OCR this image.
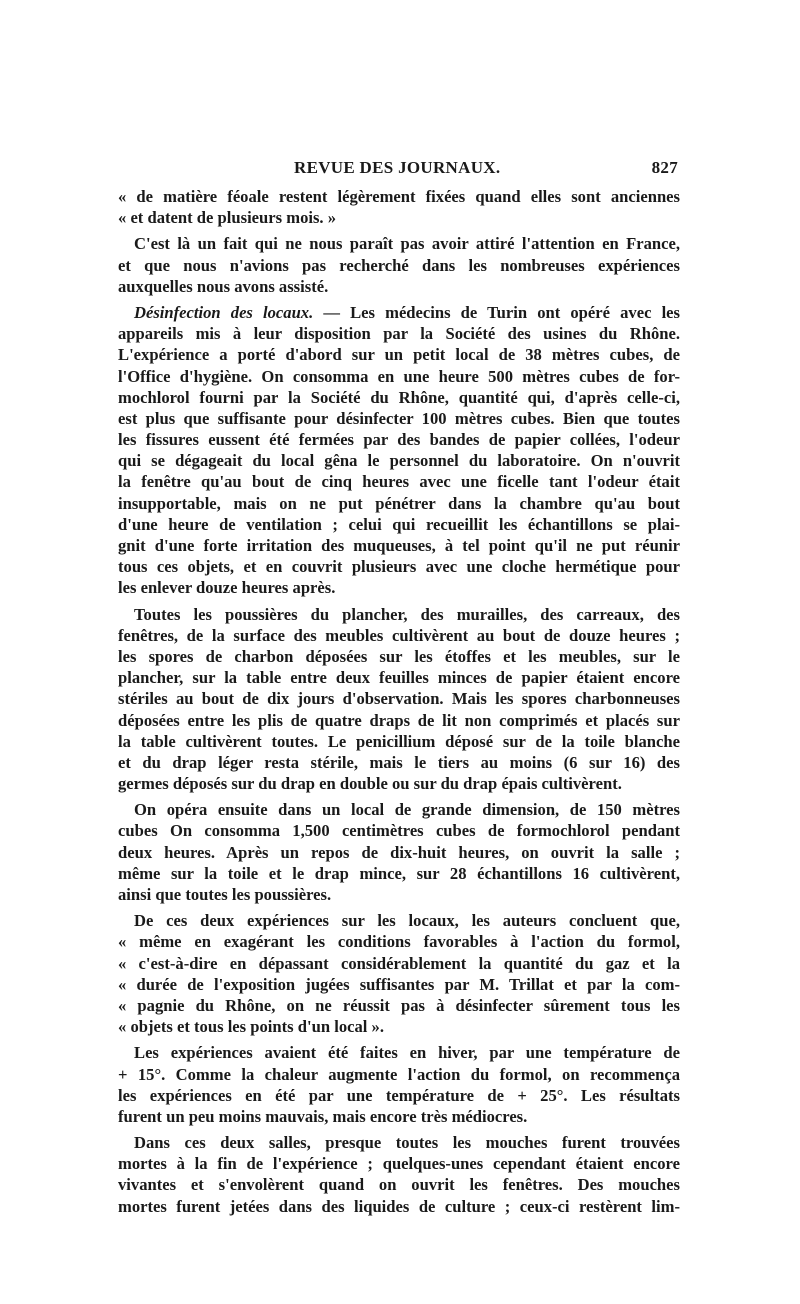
REVUE DES JOURNAUX.	827
« de matière féoale restent légèrement fixées quand elles sont anciennes
« et datent de plusieurs mois. »
C'est là un fait qui ne nous paraît pas avoir attiré l'attention en France,
et que nous n'avions pas recherché dans les nombreuses expériences
auxquelles nous avons assisté.
Désinfection des locaux. — Les médecins de Turin ont opéré avec les
appareils mis à leur disposition par la Société des usines du Rhône.
L'expérience a porté d'abord sur un petit local de 38 mètres cubes, de
l'Office d'hygiène. On consomma en une heure 500 mètres cubes de for-
mochlorol fourni par la Société du Rhône, quantité qui, d'après celle-ci,
est plus que suffisante pour désinfecter 100 mètres cubes. Bien que toutes
les fissures eussent été fermées par des bandes de papier collées, l'odeur
qui se dégageait du local gêna le personnel du laboratoire. On n'ouvrit
la fenêtre qu'au bout de cinq heures avec une ficelle tant l'odeur était
insupportable, mais on ne put pénétrer dans la chambre qu'au bout
d'une heure de ventilation ; celui qui recueillit les échantillons se plai-
gnit d'une forte irritation des muqueuses, à tel point qu'il ne put réunir
tous ces objets, et en couvrit plusieurs avec une cloche hermétique pour
les enlever douze heures après.
Toutes les poussières du plancher, des murailles, des carreaux, des
fenêtres, de la surface des meubles cultivèrent au bout de douze heures ;
les spores de charbon déposées sur les étoffes et les meubles, sur le
plancher, sur la table entre deux feuilles minces de papier étaient encore
stériles au bout de dix jours d'observation. Mais les spores charbonneuses
déposées entre les plis de quatre draps de lit non comprimés et placés sur
la table cultivèrent toutes. Le penicillium déposé sur de la toile blanche
et du drap léger resta stérile, mais le tiers au moins (6 sur 16) des
germes déposés sur du drap en double ou sur du drap épais cultivèrent.
On opéra ensuite dans un local de grande dimension, de 150 mètres
cubes On consomma 1,500 centimètres cubes de formochlorol pendant
deux heures. Après un repos de dix-huit heures, on ouvrit la salle ;
même sur la toile et le drap mince, sur 28 échantillons 16 cultivèrent,
ainsi que toutes les poussières.
De ces deux expériences sur les locaux, les auteurs concluent que,
« même en exagérant les conditions favorables à l'action du formol,
« c'est-à-dire en dépassant considérablement la quantité du gaz et la
« durée de l'exposition jugées suffisantes par M. Trillat et par la com-
« pagnie du Rhône, on ne réussit pas à désinfecter sûrement tous les
« objets et tous les points d'un local ».
Les expériences avaient été faites en hiver, par une température de
+ 15°. Comme la chaleur augmente l'action du formol, on recommença
les expériences en été par une température de + 25°. Les résultats
furent un peu moins mauvais, mais encore très médiocres.
Dans ces deux salles, presque toutes les mouches furent trouvées
mortes à la fin de l'expérience ; quelques-unes cependant étaient encore
vivantes et s'envolèrent quand on ouvrit les fenêtres. Des mouches
mortes furent jetées dans des liquides de culture ; ceux-ci restèrent lim-
